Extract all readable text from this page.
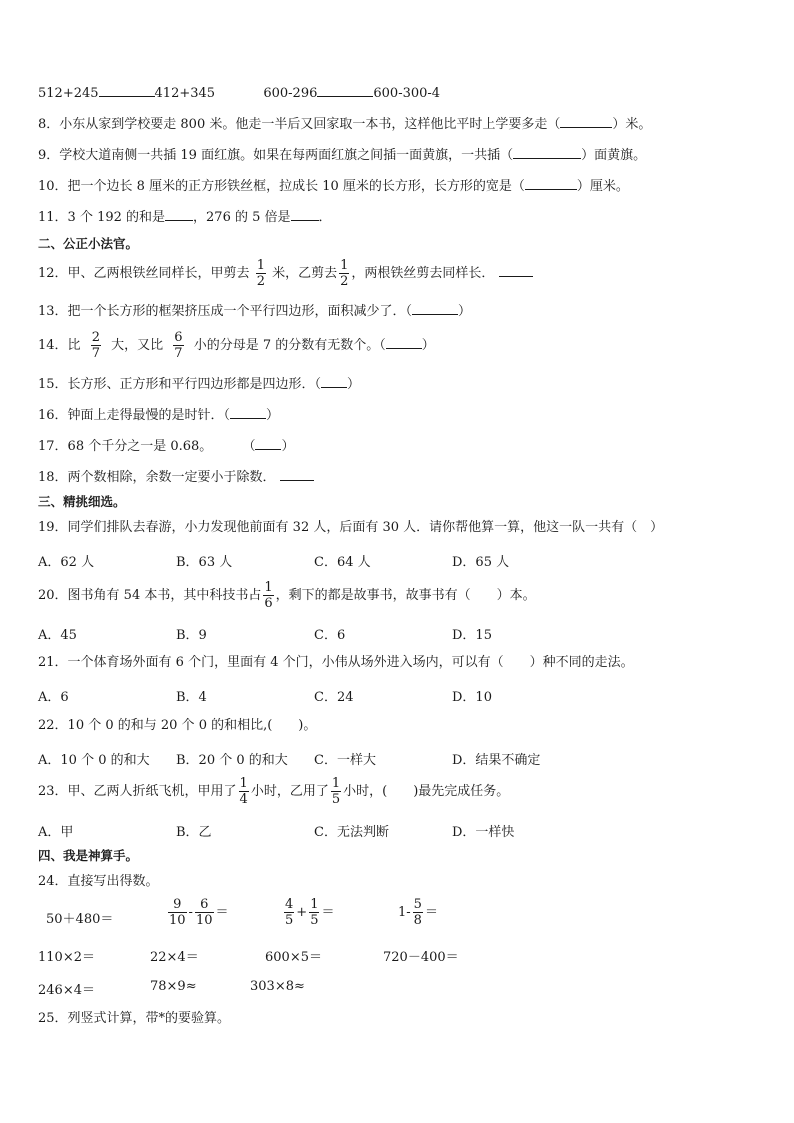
512+245	412+345	600-296	600-300-4
8．小东从家到学校要走 800 米。他走一半后又回家取一本书，这样他比平时上学要多走（	）米。
9．学校大道南侧一共插 19 面红旗。如果在每两面红旗之间插一面黄旗，一共插（	）面黄旗。
10．把一个边长 8 厘米的正方形铁丝框，拉成长 10 厘米的长方形，长方形的宽是（	）厘米。
11．3 个 192 的和是 ，276 的 5 倍是 ．
二、公正小法官。
12．甲、乙两根铁丝同样长，甲剪去 $\frac{1}{2}$ 米，乙剪去 $\frac{1}{2}$ ，两根铁丝剪去同样长．
13．把一个长方形的框架挤压成一个平行四边形，面积减少了．（	）
14．比 $\frac{2}{7}$ 大，又比 $\frac{6}{7}$ 小的分母是 7 的分数有无数个。（	）
15．长方形、正方形和平行四边形都是四边形．（ ）
16．钟面上走得最慢的是时针．（	）
17．68 个千分之一是 0.68。 （ ）
18．两个数相除，余数一定要小于除数．
三、精挑细选。
19．同学们排队去春游，小力发现他前面有 32 人，后面有 30 人．请你帮他算一算，他这一队一共有（　）
A．62 人	B．63 人	C．64 人	D．65 人
20．图书角有 54 本书，其中科技书占 $\frac{1}{6}$ ，剩下的都是故事书，故事书有（　　）本。
A．45	B．9	C．6	D．15
21．一个体育场外面有 6 个门，里面有 4 个门，小伟从场外进入场内，可以有（　　）种不同的走法。
A．6	B．4	C．24	D．10
22．10 个 0 的和与 20 个 0 的和相比,(　　)。
A．10 个 0 的和大 B．20 个 0 的和大 C．一样大	D．结果不确定
23．甲、乙两人折纸飞机，甲用了 $\frac{1}{4}$ 小时，乙用了 $\frac{1}{5}$ 小时，(　　)最先完成任务。
A．甲	B．乙	C．无法判断	D．一样快
四、我是神算手。
24．直接写出得数。
50＋480＝	$\frac{9}{10} - \frac{6}{10}$ ＝	$\frac{4}{5} + \frac{1}{5}$ ＝	$1- \frac{5}{8}$ ＝
110×2＝	22×4＝	600×5＝	720－400＝
246×4＝	78×9≈	303×8≈
25．列竖式计算，带*的要验算。
